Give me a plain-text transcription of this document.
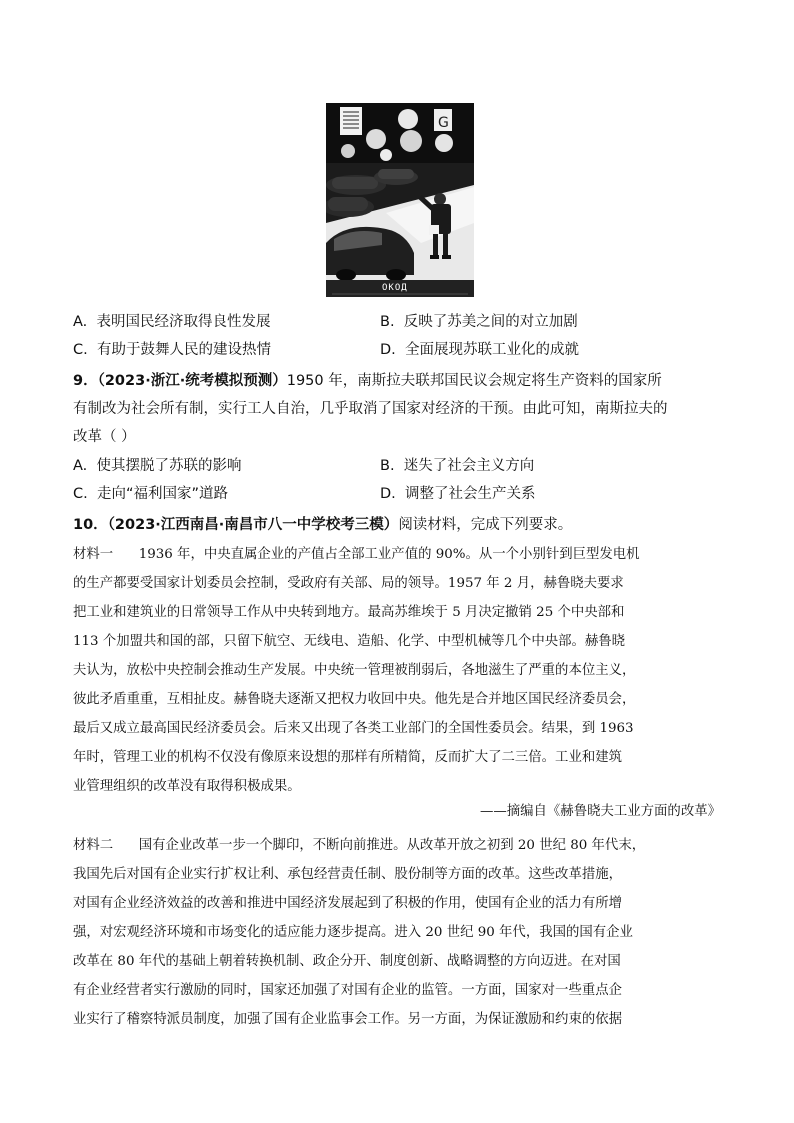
G
ОКОД
A. 表明国民经济取得良性发展	B. 反映了苏美之间的对立加剧
C. 有助于鼓舞人民的建设热情	D. 全面展现苏联工业化的成就
9．（2023·浙江·统考模拟预测）1950 年，南斯拉夫联邦国民议会规定将生产资料的国家所
有制改为社会所有制，实行工人自治，几乎取消了国家对经济的干预。由此可知，南斯拉夫的
改革（ ）
A. 使其摆脱了苏联的影响	B. 迷失了社会主义方向
C. 走向“福利国家”道路	D. 调整了社会生产关系
10．（2023·江西南昌·南昌市八一中学校考三模）阅读材料，完成下列要求。
材料一 1936 年，中央直属企业的产值占全部工业产值的 90%。从一个小别针到巨型发电机
的生产都要受国家计划委员会控制，受政府有关部、局的领导。1957 年 2 月，赫鲁晓夫要求
把工业和建筑业的日常领导工作从中央转到地方。最高苏维埃于 5 月决定撤销 25 个中央部和
113 个加盟共和国的部，只留下航空、无线电、造船、化学、中型机械等几个中央部。赫鲁晓
夫认为，放松中央控制会推动生产发展。中央统一管理被削弱后，各地滋生了严重的本位主义，
彼此矛盾重重，互相扯皮。赫鲁晓夫逐渐又把权力收回中央。他先是合并地区国民经济委员会，
最后又成立最高国民经济委员会。后来又出现了各类工业部门的全国性委员会。结果，到 1963
年时，管理工业的机构不仅没有像原来设想的那样有所精简，反而扩大了二三倍。工业和建筑
业管理组织的改革没有取得积极成果。
——摘编自《赫鲁晓夫工业方面的改革》
材料二 国有企业改革一步一个脚印，不断向前推进。从改革开放之初到 20 世纪 80 年代末，
我国先后对国有企业实行扩权让利、承包经营责任制、股份制等方面的改革。这些改革措施，
对国有企业经济效益的改善和推进中国经济发展起到了积极的作用，使国有企业的活力有所增
强，对宏观经济环境和市场变化的适应能力逐步提高。进入 20 世纪 90 年代，我国的国有企业
改革在 80 年代的基础上朝着转换机制、政企分开、制度创新、战略调整的方向迈进。在对国
有企业经营者实行激励的同时，国家还加强了对国有企业的监管。一方面，国家对一些重点企
业实行了稽察特派员制度，加强了国有企业监事会工作。另一方面，为保证激励和约束的依据
